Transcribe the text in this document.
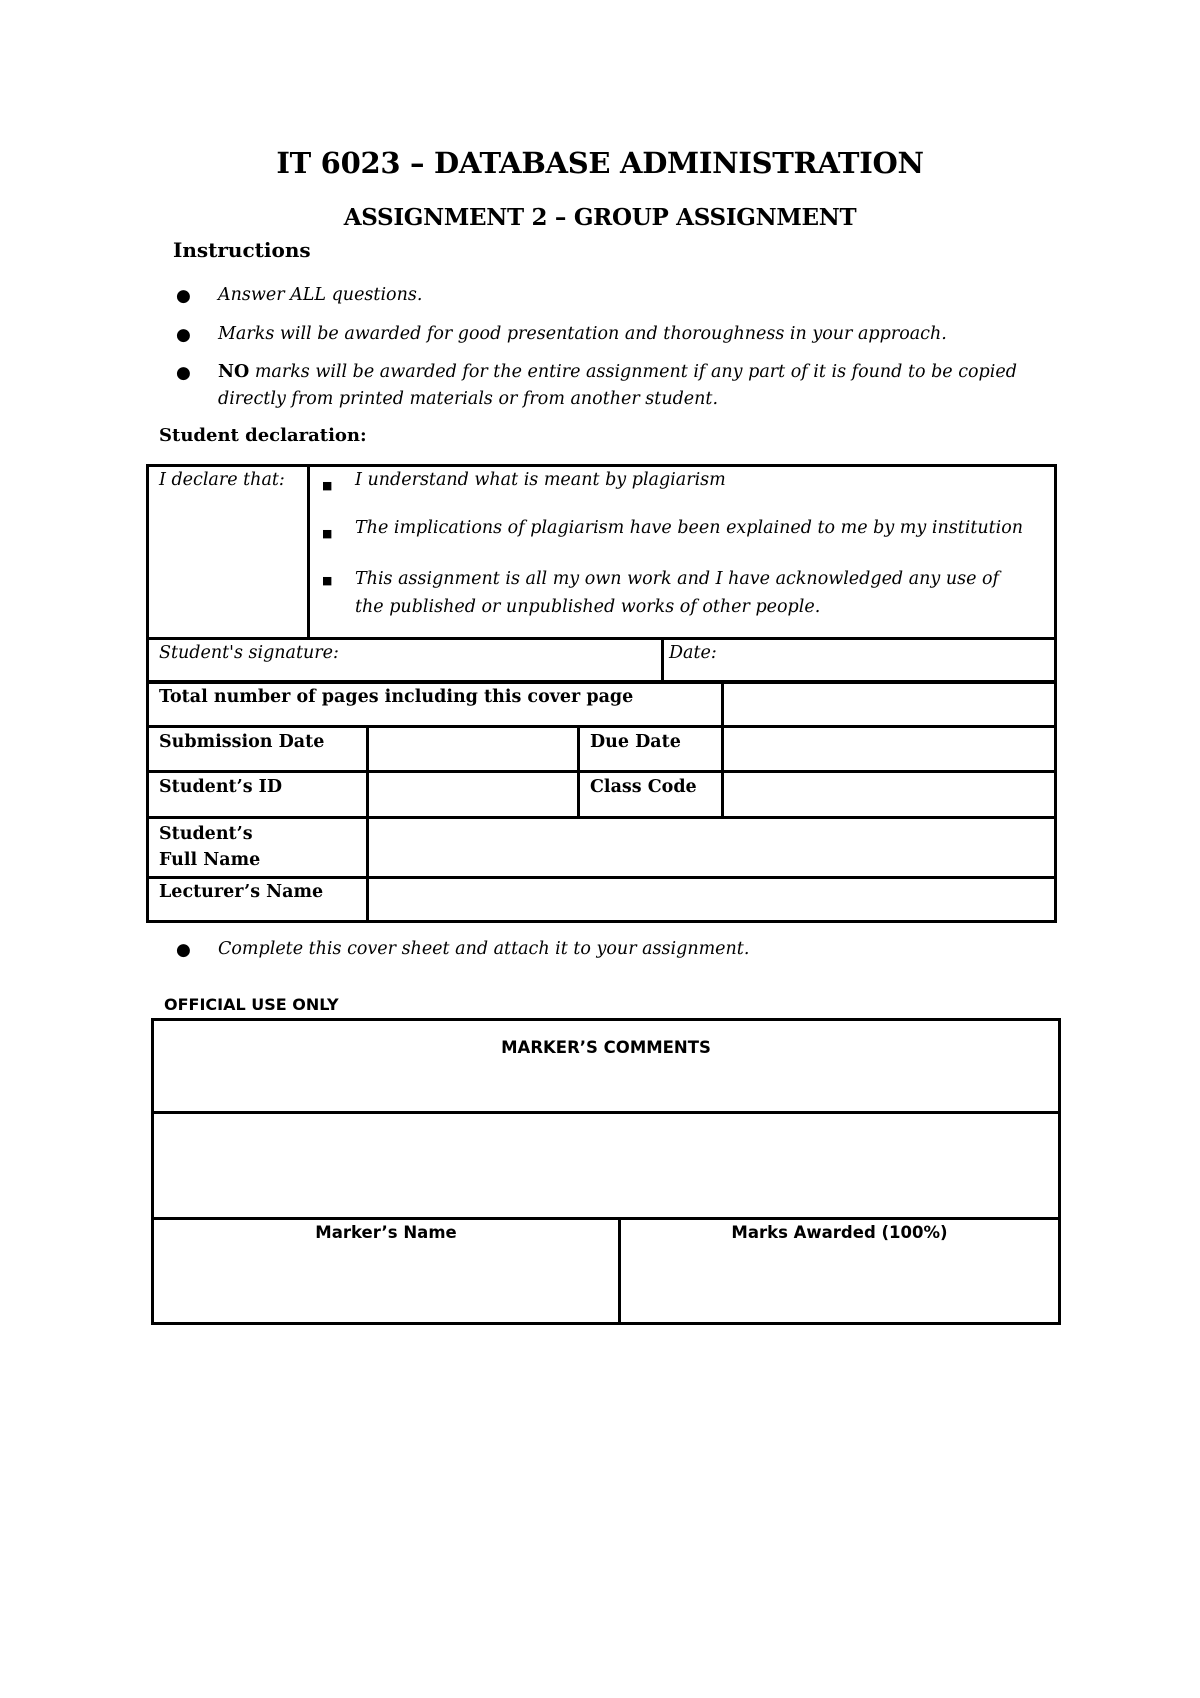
IT 6023 – DATABASE ADMINISTRATION
ASSIGNMENT 2 – GROUP ASSIGNMENT
Instructions
● Answer ALL questions.
● Marks will be awarded for good presentation and thoroughness in your approach.
● NO marks will be awarded for the entire assignment if any part of it is found to be copied
directly from printed materials or from another student.
Student declaration:
I declare that:	■ I understand what is meant by plagiarism
■ The implications of plagiarism have been explained to me by my institution
■ This assignment is all my own work and I have acknowledged any use of
the published or unpublished works of other people.
Student's signature:	Date:
Total number of pages including this cover page
Submission Date	Due Date
Student’s ID	Class Code
Student’s
Full Name
Lecturer’s Name
● Complete this cover sheet and attach it to your assignment.
OFFICIAL USE ONLY
MARKER’S COMMENTS
Marker’s Name	Marks Awarded (100%)
